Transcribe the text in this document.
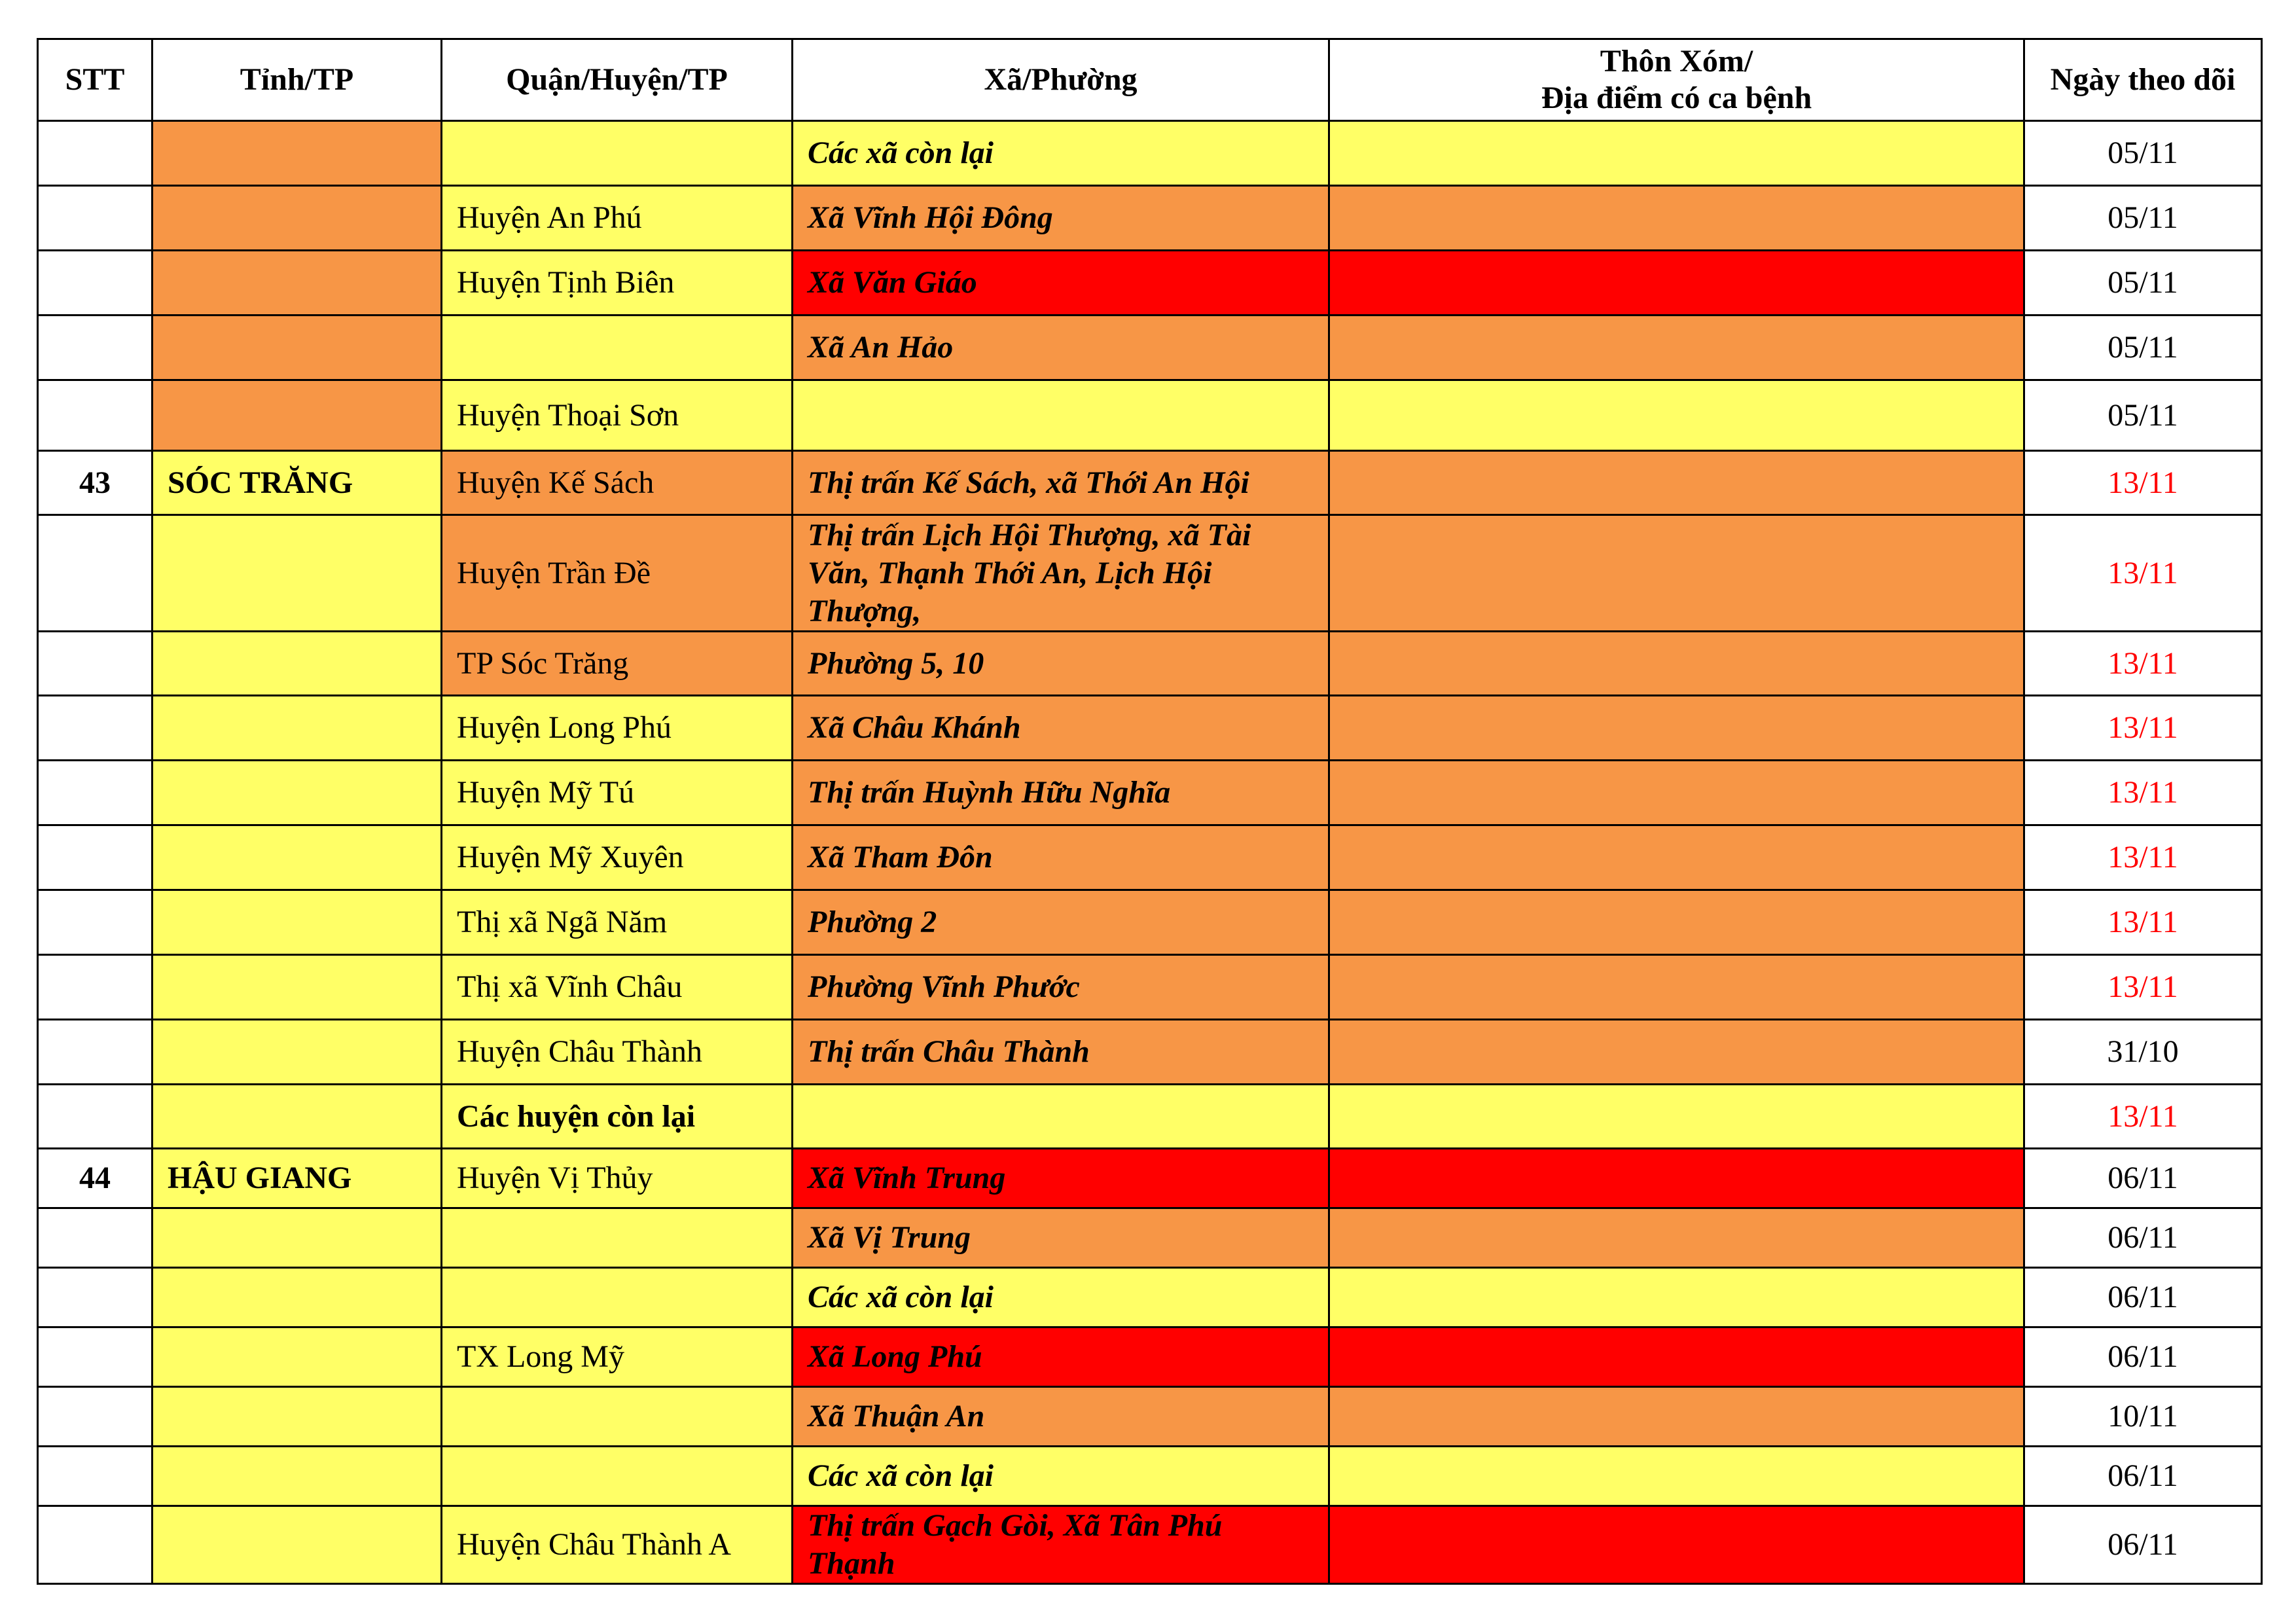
STT	Tỉnh/TP	Quận/Huyện/TP	Xã/Phường	Thôn Xóm/
Địa điểm có ca bệnh	Ngày theo dõi
			Các xã còn lại		05/11
		Huyện An Phú	Xã Vĩnh Hội Đông		05/11
		Huyện Tịnh Biên	Xã Văn Giáo		05/11
			Xã An Hảo		05/11
		Huyện Thoại Sơn			05/11
43	SÓC TRĂNG	Huyện Kế Sách	Thị trấn Kế Sách, xã Thới An Hội		13/11
		Huyện Trần Đề	Thị trấn Lịch Hội Thượng, xã Tài Văn, Thạnh Thới An, Lịch Hội Thượng,		13/11
		TP Sóc Trăng	Phường 5, 10		13/11
		Huyện Long Phú	Xã Châu Khánh		13/11
		Huyện Mỹ Tú	Thị trấn Huỳnh Hữu Nghĩa		13/11
		Huyện Mỹ Xuyên	Xã Tham Đôn		13/11
		Thị xã Ngã Năm	Phường 2		13/11
		Thị xã Vĩnh Châu	Phường Vĩnh Phước		13/11
		Huyện Châu Thành	Thị trấn Châu Thành		31/10
		Các huyện còn lại			13/11
44	HẬU GIANG	Huyện Vị Thủy	Xã Vĩnh Trung		06/11
			Xã Vị Trung		06/11
			Các xã còn lại		06/11
		TX Long Mỹ	Xã Long Phú		06/11
			Xã Thuận An		10/11
			Các xã còn lại		06/11
		Huyện Châu Thành A	Thị trấn Gạch Gòi, Xã Tân Phú Thạnh		06/11
